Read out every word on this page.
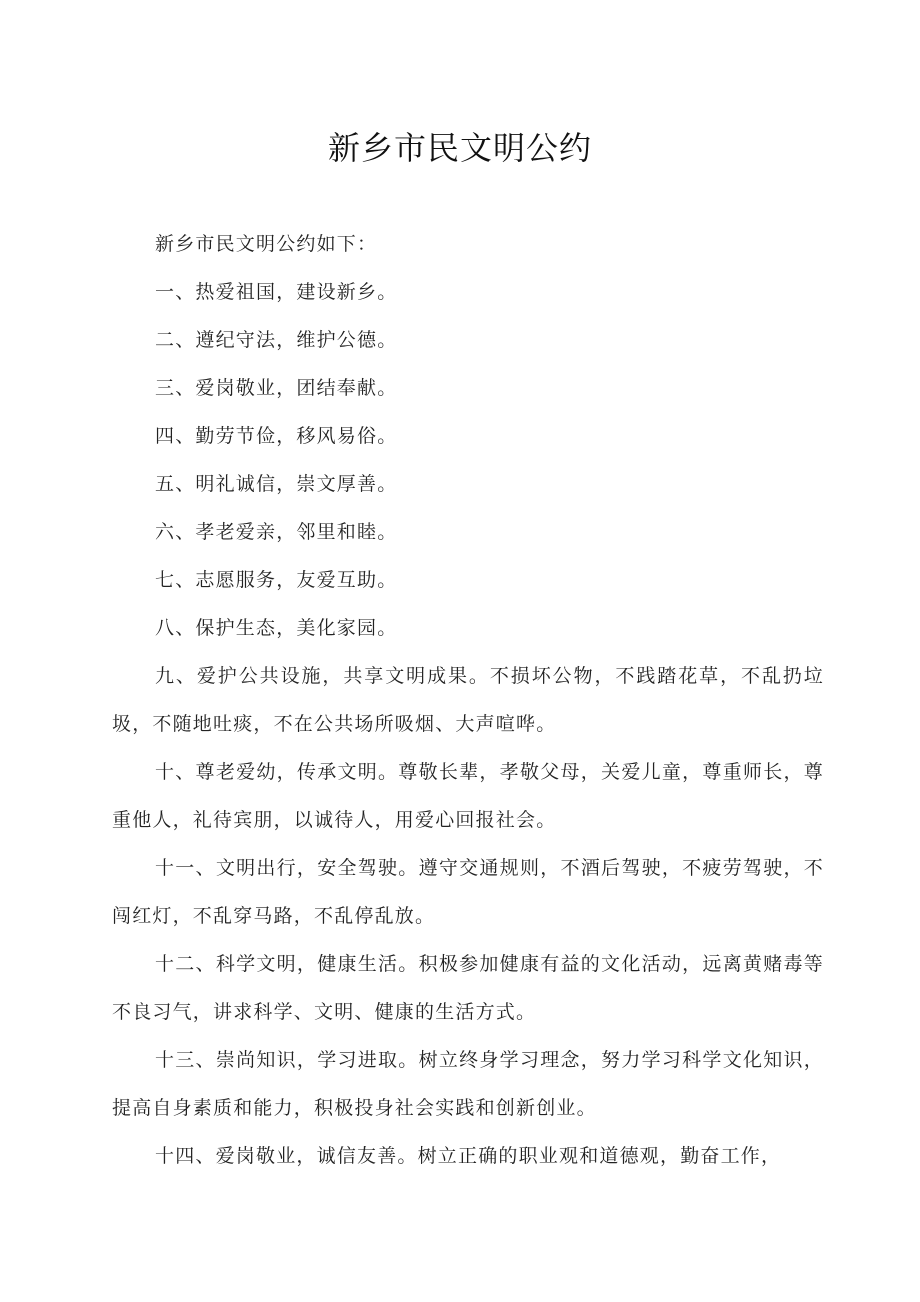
新乡市民文明公约

新乡市民文明公约如下：

一、热爱祖国，建设新乡。

二、遵纪守法，维护公德。

三、爱岗敬业，团结奉献。

四、勤劳节俭，移风易俗。

五、明礼诚信，崇文厚善。

六、孝老爱亲，邻里和睦。

七、志愿服务，友爱互助。

八、保护生态，美化家园。

九、爱护公共设施，共享文明成果。不损坏公物，不践踏花草，不乱扔垃圾，不随地吐痰，不在公共场所吸烟、大声喧哗。

十、尊老爱幼，传承文明。尊敬长辈，孝敬父母，关爱儿童，尊重师长，尊重他人，礼待宾朋，以诚待人，用爱心回报社会。

十一、文明出行，安全驾驶。遵守交通规则，不酒后驾驶，不疲劳驾驶，不闯红灯，不乱穿马路，不乱停乱放。

十二、科学文明，健康生活。积极参加健康有益的文化活动，远离黄赌毒等不良习气，讲求科学、文明、健康的生活方式。

十三、崇尚知识，学习进取。树立终身学习理念，努力学习科学文化知识，提高自身素质和能力，积极投身社会实践和创新创业。

十四、爱岗敬业，诚信友善。树立正确的职业观和道德观，勤奋工作，
